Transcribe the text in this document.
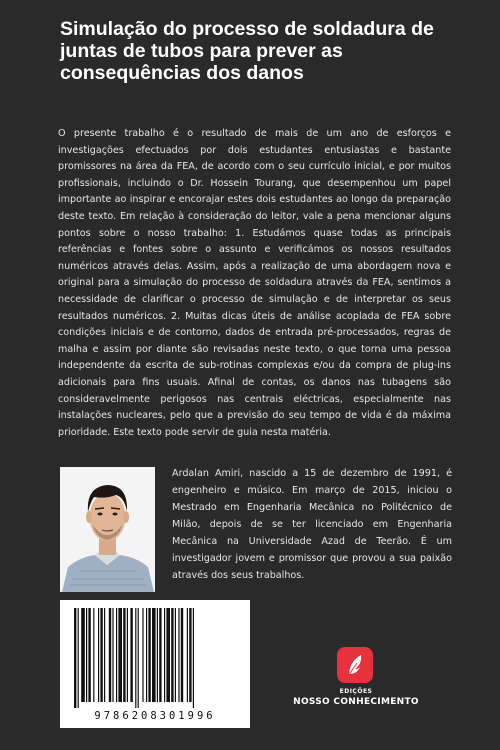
Simulação do processo de soldadura de juntas de tubos para prever as consequências dos danos

O presente trabalho é o resultado de mais de um ano de esforços e investigações efectuados por dois estudantes entusiastas e bastante promissores na área da FEA, de acordo com o seu currículo inicial, e por muitos profissionais, incluindo o Dr. Hossein Tourang, que desempenhou um papel importante ao inspirar e encorajar estes dois estudantes ao longo da preparação deste texto. Em relação à consideração do leitor, vale a pena mencionar alguns pontos sobre o nosso trabalho: 1. Estudámos quase todas as principais referências e fontes sobre o assunto e verificámos os nossos resultados numéricos através delas. Assim, após a realização de uma abordagem nova e original para a simulação do processo de soldadura através da FEA, sentimos a necessidade de clarificar o processo de simulação e de interpretar os seus resultados numéricos. 2. Muitas dicas úteis de análise acoplada de FEA sobre condições iniciais e de contorno, dados de entrada pré-processados, regras de malha e assim por diante são revisadas neste texto, o que torna uma pessoa independente da escrita de sub-rotinas complexas e/ou da compra de plug-ins adicionais para fins usuais. Afinal de contas, os danos nas tubagens são consideravelmente perigosos nas centrais eléctricas, especialmente nas instalações nucleares, pelo que a previsão do seu tempo de vida é da máxima prioridade. Este texto pode servir de guia nesta matéria.

Ardalan Amiri, nascido a 15 de dezembro de 1991, é engenheiro e músico. Em março de 2015, iniciou o Mestrado em Engenharia Mecânica no Politécnico de Milão, depois de se ter licenciado em Engenharia Mecânica na Universidade Azad de Teerão. É um investigador jovem e promissor que provou a sua paixão através dos seus trabalhos.

9786208301996
EDIÇÕES
NOSSO CONHECIMENTO
